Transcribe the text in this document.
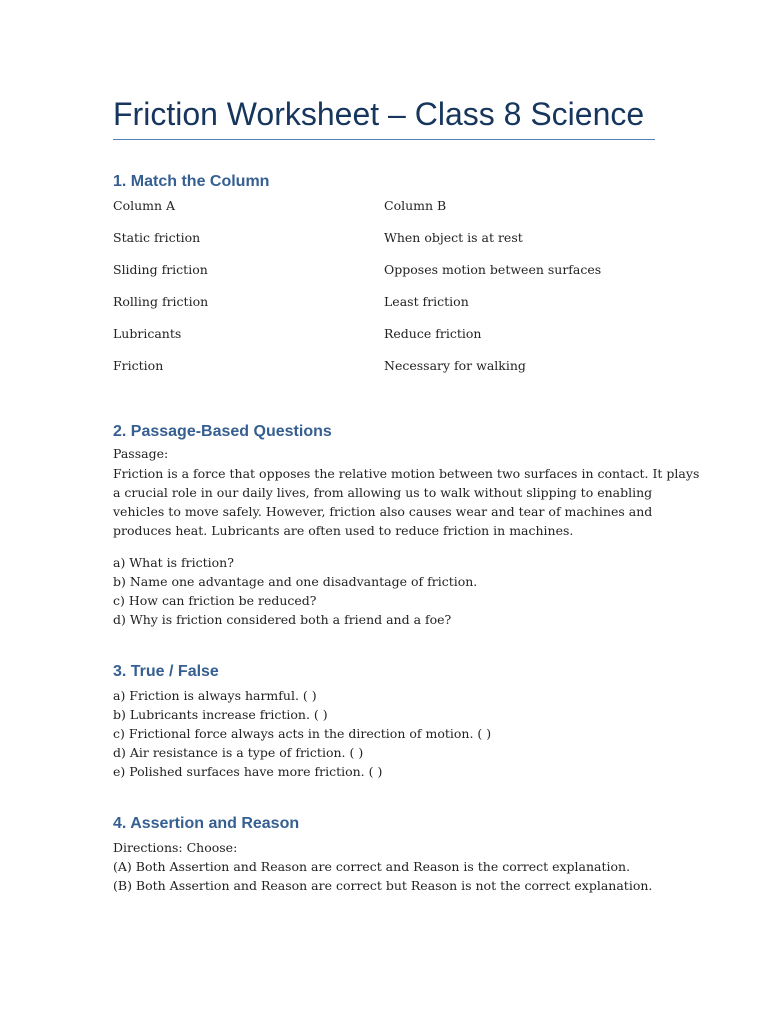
Friction Worksheet – Class 8 Science
1. Match the Column
Column A	Column B
Static friction	When object is at rest
Sliding friction	Opposes motion between surfaces
Rolling friction	Least friction
Lubricants	Reduce friction
Friction	Necessary for walking
2. Passage-Based Questions
Passage:
Friction is a force that opposes the relative motion between two surfaces in contact. It plays
a crucial role in our daily lives, from allowing us to walk without slipping to enabling
vehicles to move safely. However, friction also causes wear and tear of machines and
produces heat. Lubricants are often used to reduce friction in machines.
a) What is friction?
b) Name one advantage and one disadvantage of friction.
c) How can friction be reduced?
d) Why is friction considered both a friend and a foe?
3. True / False
a) Friction is always harmful. ( )
b) Lubricants increase friction. ( )
c) Frictional force always acts in the direction of motion. ( )
d) Air resistance is a type of friction. ( )
e) Polished surfaces have more friction. ( )
4. Assertion and Reason
Directions: Choose:
(A) Both Assertion and Reason are correct and Reason is the correct explanation.
(B) Both Assertion and Reason are correct but Reason is not the correct explanation.
